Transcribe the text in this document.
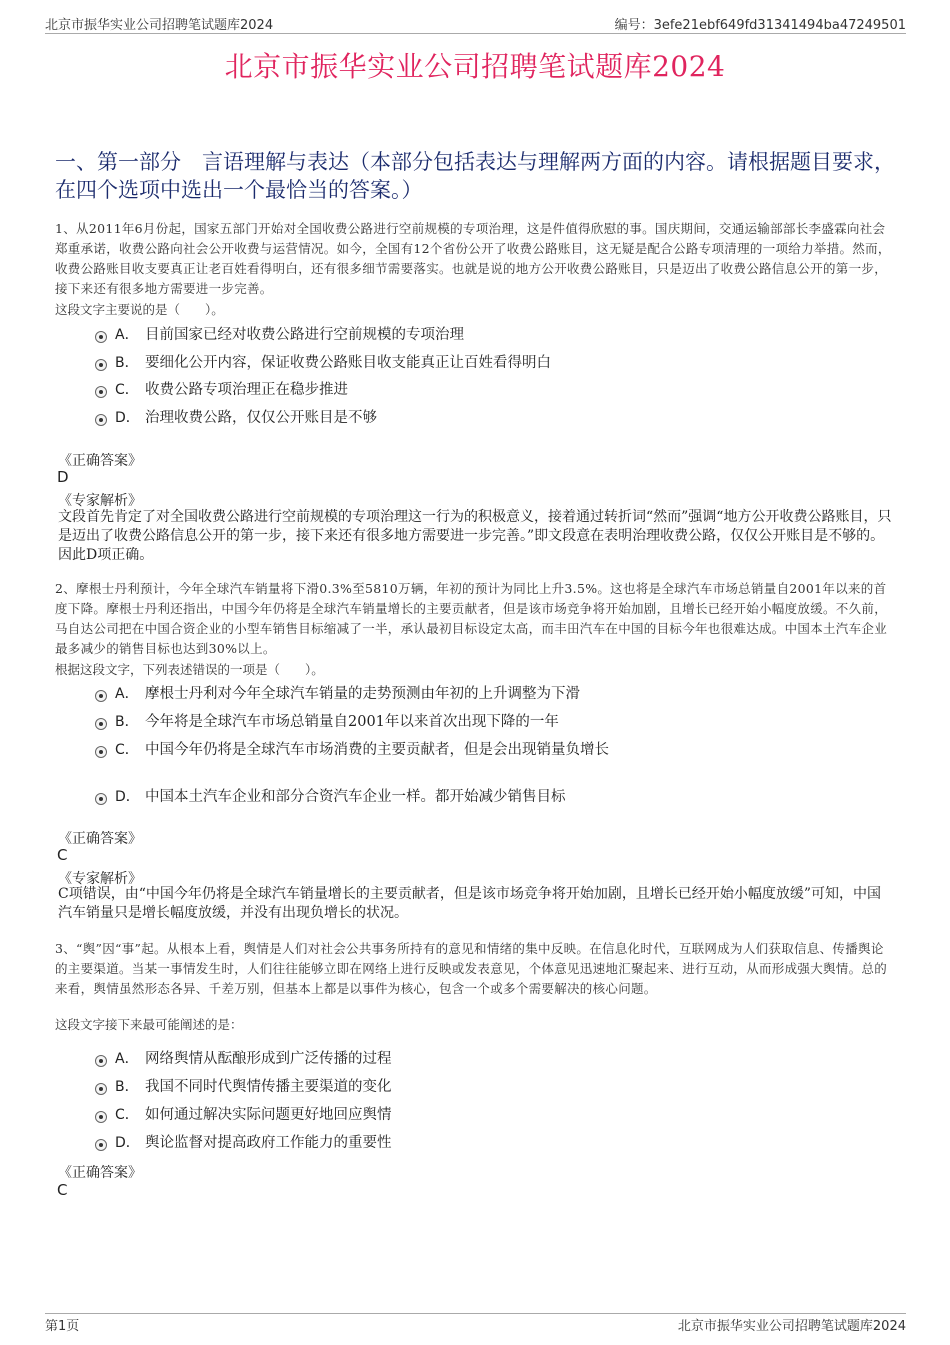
北京市振华实业公司招聘笔试题库2024	编号：3efe21ebf649fd31341494ba47249501
北京市振华实业公司招聘笔试题库2024
一、第一部分　言语理解与表达（本部分包括表达与理解两方面的内容。请根据题目要求，在四个选项中选出一个最恰当的答案。）
1、从2011年6月份起，国家五部门开始对全国收费公路进行空前规模的专项治理，这是件值得欣慰的事。国庆期间，交通运输部部长李盛霖向社会郑重承诺，收费公路向社会公开收费与运营情况。如今，全国有12个省份公开了收费公路账目，这无疑是配合公路专项清理的一项给力举措。然而，收费公路账目收支要真正让老百姓看得明白，还有很多细节需要落实。也就是说的地方公开收费公路账目，只是迈出了收费公路信息公开的第一步，接下来还有很多地方需要进一步完善。
这段文字主要说的是（　　）。
A． 目前国家已经对收费公路进行空前规模的专项治理
B． 要细化公开内容，保证收费公路账目收支能真正让百姓看得明白
C． 收费公路专项治理正在稳步推进
D． 治理收费公路，仅仅公开账目是不够
《正确答案》
D
《专家解析》
文段首先肯定了对全国收费公路进行空前规模的专项治理这一行为的积极意义，接着通过转折词“然而”强调“地方公开收费公路账目，只是迈出了收费公路信息公开的第一步，接下来还有很多地方需要进一步完善。”即文段意在表明治理收费公路，仅仅公开账目是不够的。因此D项正确。
2、摩根士丹利预计，今年全球汽车销量将下滑0.3%至5810万辆，年初的预计为同比上升3.5%。这也将是全球汽车市场总销量自2001年以来的首度下降。摩根士丹利还指出，中国今年仍将是全球汽车销量增长的主要贡献者，但是该市场竞争将开始加剧，且增长已经开始小幅度放缓。不久前，马自达公司把在中国合资企业的小型车销售目标缩减了一半，承认最初目标设定太高，而丰田汽车在中国的目标今年也很难达成。中国本土汽车企业最多减少的销售目标也达到30%以上。
根据这段文字，下列表述错误的一项是（　　）。
A． 摩根士丹利对今年全球汽车销量的走势预测由年初的上升调整为下滑
B． 今年将是全球汽车市场总销量自2001年以来首次出现下降的一年
C． 中国今年仍将是全球汽车市场消费的主要贡献者，但是会出现销量负增长
D． 中国本土汽车企业和部分合资汽车企业一样。都开始减少销售目标
《正确答案》
C
《专家解析》
C项错误，由“中国今年仍将是全球汽车销量增长的主要贡献者，但是该市场竞争将开始加剧，且增长已经开始小幅度放缓”可知，中国汽车销量只是增长幅度放缓，并没有出现负增长的状况。
3、“舆”因“事”起。从根本上看，舆情是人们对社会公共事务所持有的意见和情绪的集中反映。在信息化时代，互联网成为人们获取信息、传播舆论的主要渠道。当某一事情发生时，人们往往能够立即在网络上进行反映或发表意见，个体意见迅速地汇聚起来、进行互动，从而形成强大舆情。总的来看，舆情虽然形态各异、千差万别，但基本上都是以事件为核心，包含一个或多个需要解决的核心问题。
这段文字接下来最可能阐述的是：
A． 网络舆情从酝酿形成到广泛传播的过程
B． 我国不同时代舆情传播主要渠道的变化
C． 如何通过解决实际问题更好地回应舆情
D． 舆论监督对提高政府工作能力的重要性
《正确答案》
C
第1页	北京市振华实业公司招聘笔试题库2024
